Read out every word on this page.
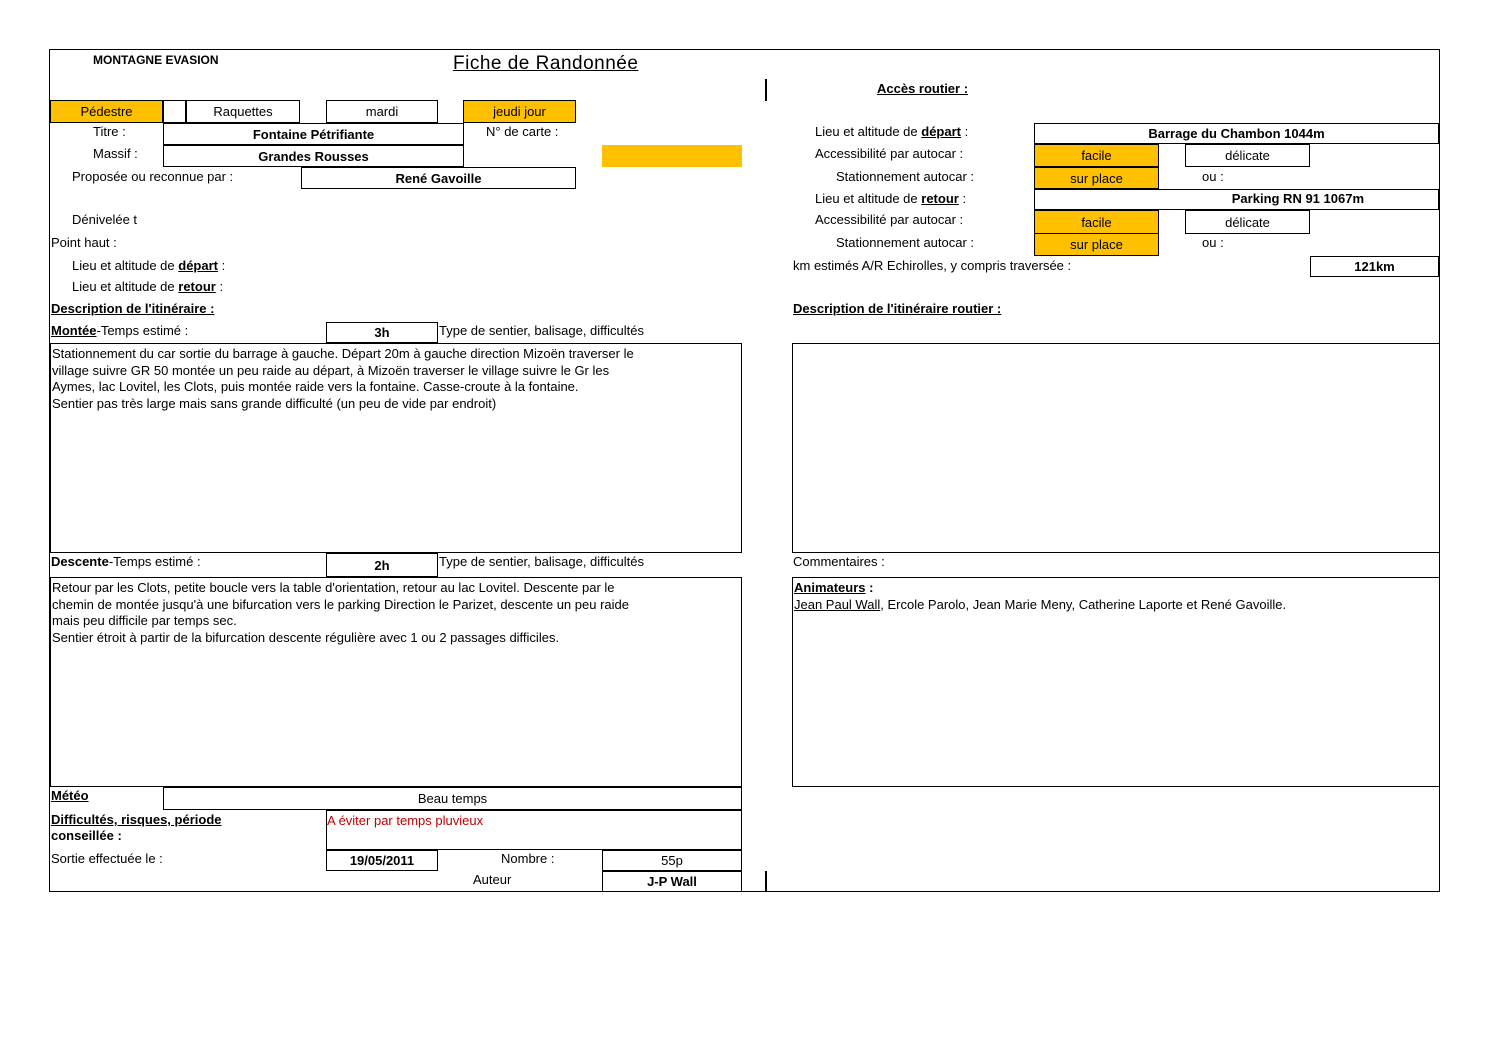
MONTAGNE EVASION	Fiche de Randonnée
Pédestre	Raquettes	mardi	jeudi jour
Titre :	Fontaine Pétrifiante	N° de carte :
Massif :	Grandes Rousses
Proposée ou reconnue par :	René Gavoille
Dénivelée t
Point haut :
Lieu et altitude de départ :
Lieu et altitude de retour :
Description de l'itinéraire :
Montée-Temps estimé :	3h	Type de sentier, balisage, difficultés
Stationnement du car sortie du barrage à gauche. Départ 20m à gauche direction Mizoën traverser le
village suivre GR 50 montée un peu raide au départ, à Mizoën traverser le village suivre le Gr les
Aymes, lac Lovitel, les Clots, puis montée raide vers la fontaine. Casse-croute à la fontaine.
Sentier pas très large mais sans grande difficulté (un peu de vide par endroit)
Descente-Temps estimé :	2h	Type de sentier, balisage, difficultés
Retour par les Clots, petite boucle vers la table d'orientation, retour au lac Lovitel. Descente par le
chemin de montée jusqu'à une bifurcation vers le parking Direction le Parizet, descente un peu raide
mais peu difficile par temps sec.
Sentier étroit à partir de la bifurcation descente régulière avec 1 ou 2 passages difficiles.
Météo	Beau temps
Difficultés, risques, période
conseillée :
A éviter par temps pluvieux
Sortie effectuée le :	19/05/2011	Nombre :	55p
Auteur	J-P Wall
Accès routier :
Lieu et altitude de départ :	Barrage du Chambon 1044m
Accessibilité par autocar :	facile	délicate
Stationnement autocar :	sur place	ou :
Lieu et altitude de retour :	Parking RN 91 1067m
Accessibilité par autocar :	facile	délicate
Stationnement autocar :	sur place	ou :
km estimés A/R Echirolles, y compris traversée :	121km
Description de l'itinéraire routier :
Commentaires :
Animateurs :
Jean Paul Wall, Ercole Parolo, Jean Marie Meny, Catherine Laporte et René Gavoille.
